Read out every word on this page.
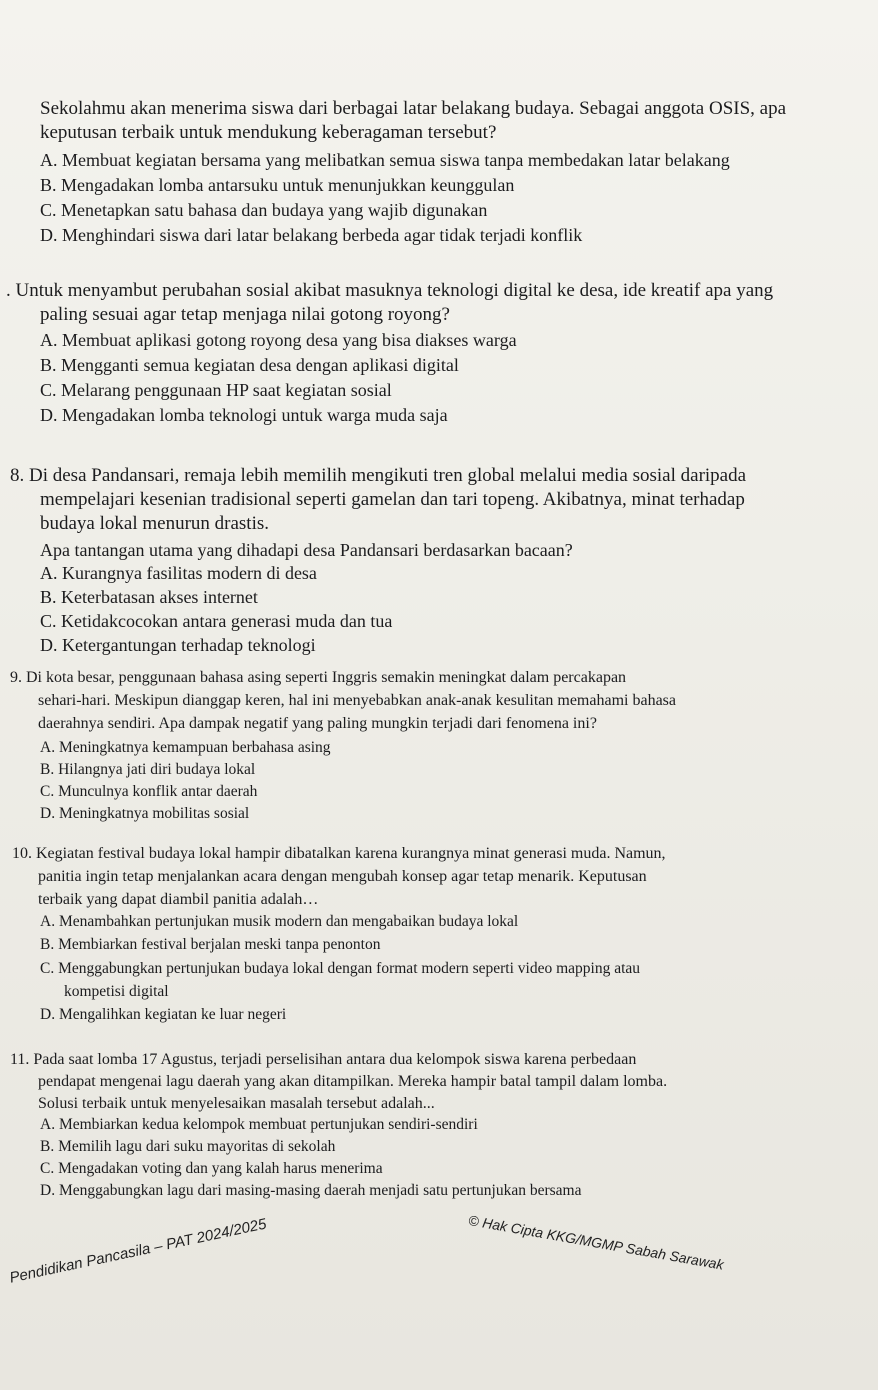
Sekolahmu akan menerima siswa dari berbagai latar belakang budaya. Sebagai anggota OSIS, apa
keputusan terbaik untuk mendukung keberagaman tersebut?
A. Membuat kegiatan bersama yang melibatkan semua siswa tanpa membedakan latar belakang
B. Mengadakan lomba antarsuku untuk menunjukkan keunggulan
C. Menetapkan satu bahasa dan budaya yang wajib digunakan
D. Menghindari siswa dari latar belakang berbeda agar tidak terjadi konflik
. Untuk menyambut perubahan sosial akibat masuknya teknologi digital ke desa, ide kreatif apa yang
paling sesuai agar tetap menjaga nilai gotong royong?
A. Membuat aplikasi gotong royong desa yang bisa diakses warga
B. Mengganti semua kegiatan desa dengan aplikasi digital
C. Melarang penggunaan HP saat kegiatan sosial
D. Mengadakan lomba teknologi untuk warga muda saja
8. Di desa Pandansari, remaja lebih memilih mengikuti tren global melalui media sosial daripada
mempelajari kesenian tradisional seperti gamelan dan tari topeng. Akibatnya, minat terhadap
budaya lokal menurun drastis.
Apa tantangan utama yang dihadapi desa Pandansari berdasarkan bacaan?
A. Kurangnya fasilitas modern di desa
B. Keterbatasan akses internet
C. Ketidakcocokan antara generasi muda dan tua
D. Ketergantungan terhadap teknologi
9. Di kota besar, penggunaan bahasa asing seperti Inggris semakin meningkat dalam percakapan
sehari-hari. Meskipun dianggap keren, hal ini menyebabkan anak-anak kesulitan memahami bahasa
daerahnya sendiri. Apa dampak negatif yang paling mungkin terjadi dari fenomena ini?
A. Meningkatnya kemampuan berbahasa asing
B. Hilangnya jati diri budaya lokal
C. Munculnya konflik antar daerah
D. Meningkatnya mobilitas sosial
10. Kegiatan festival budaya lokal hampir dibatalkan karena kurangnya minat generasi muda. Namun,
panitia ingin tetap menjalankan acara dengan mengubah konsep agar tetap menarik. Keputusan
terbaik yang dapat diambil panitia adalah…
A. Menambahkan pertunjukan musik modern dan mengabaikan budaya lokal
B. Membiarkan festival berjalan meski tanpa penonton
C. Menggabungkan pertunjukan budaya lokal dengan format modern seperti video mapping atau
kompetisi digital
D. Mengalihkan kegiatan ke luar negeri
11. Pada saat lomba 17 Agustus, terjadi perselisihan antara dua kelompok siswa karena perbedaan
pendapat mengenai lagu daerah yang akan ditampilkan. Mereka hampir batal tampil dalam lomba.
Solusi terbaik untuk menyelesaikan masalah tersebut adalah...
A. Membiarkan kedua kelompok membuat pertunjukan sendiri-sendiri
B. Memilih lagu dari suku mayoritas di sekolah
C. Mengadakan voting dan yang kalah harus menerima
D. Menggabungkan lagu dari masing-masing daerah menjadi satu pertunjukan bersama
Pendidikan Pancasila – PAT 2024/2025	© Hak Cipta KKG/MGMP Sabah Sarawak
